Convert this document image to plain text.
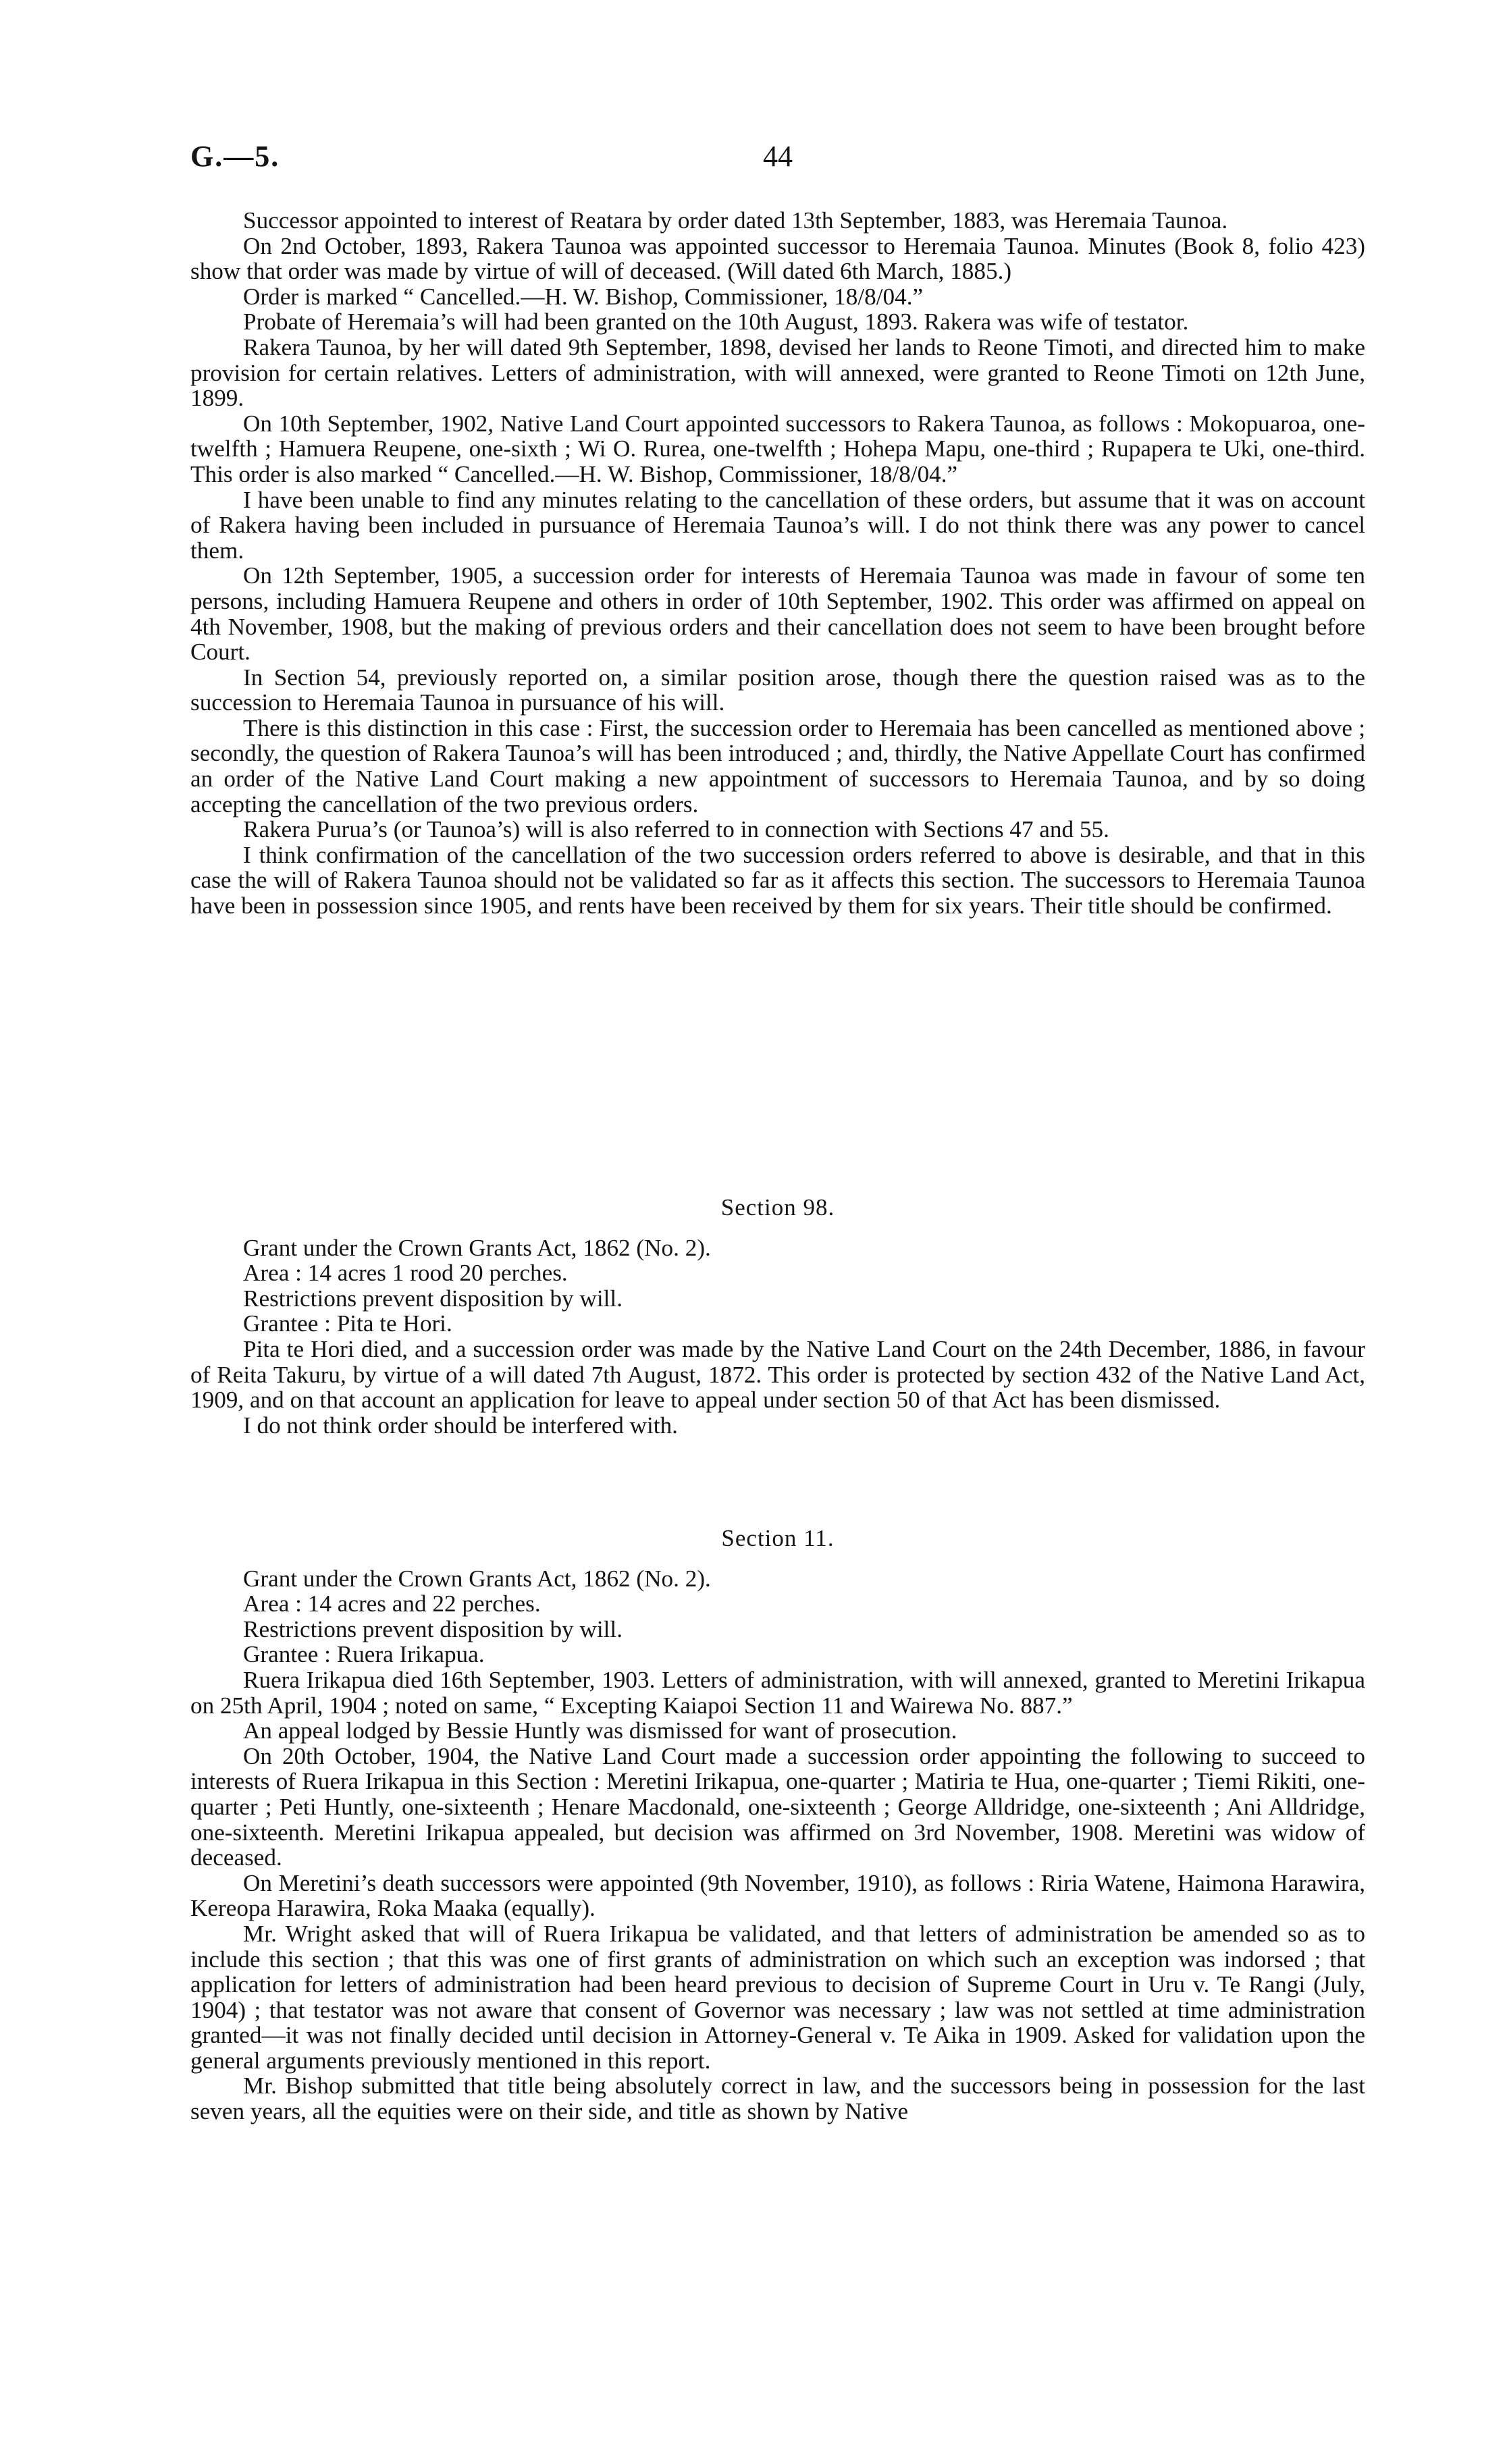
G.—5.	44

Successor appointed to interest of Reatara by order dated 13th September, 1883, was Heremaia Taunoa.

On 2nd October, 1893, Rakera Taunoa was appointed successor to Heremaia Taunoa. Minutes (Book 8, folio 423) show that order was made by virtue of will of deceased. (Will dated 6th March, 1885.)

Order is marked “ Cancelled.—H. W. Bishop, Commissioner, 18/8/04.”

Probate of Heremaia’s will had been granted on the 10th August, 1893. Rakera was wife of testator.

Rakera Taunoa, by her will dated 9th September, 1898, devised her lands to Reone Timoti, and directed him to make provision for certain relatives. Letters of administration, with will annexed, were granted to Reone Timoti on 12th June, 1899.

On 10th September, 1902, Native Land Court appointed successors to Rakera Taunoa, as follows : Mokopuaroa, one-twelfth ; Hamuera Reupene, one-sixth ; Wi O. Rurea, one-twelfth ; Hohepa Mapu, one-third ; Rupapera te Uki, one-third. This order is also marked “ Cancelled.—H. W. Bishop, Commissioner, 18/8/04.”

I have been unable to find any minutes relating to the cancellation of these orders, but assume that it was on account of Rakera having been included in pursuance of Heremaia Taunoa’s will. I do not think there was any power to cancel them.

On 12th September, 1905, a succession order for interests of Heremaia Taunoa was made in favour of some ten persons, including Hamuera Reupene and others in order of 10th September, 1902. This order was affirmed on appeal on 4th November, 1908, but the making of previous orders and their cancellation does not seem to have been brought before Court.

In Section 54, previously reported on, a similar position arose, though there the question raised was as to the succession to Heremaia Taunoa in pursuance of his will.

There is this distinction in this case : First, the succession order to Heremaia has been cancelled as mentioned above ; secondly, the question of Rakera Taunoa’s will has been introduced ; and, thirdly, the Native Appellate Court has confirmed an order of the Native Land Court making a new appointment of successors to Heremaia Taunoa, and by so doing accepting the cancellation of the two previous orders.

Rakera Purua’s (or Taunoa’s) will is also referred to in connection with Sections 47 and 55.

I think confirmation of the cancellation of the two succession orders referred to above is desirable, and that in this case the will of Rakera Taunoa should not be validated so far as it affects this section. The successors to Heremaia Taunoa have been in possession since 1905, and rents have been received by them for six years. Their title should be confirmed.

Section 98.

Grant under the Crown Grants Act, 1862 (No. 2).

Area : 14 acres 1 rood 20 perches.

Restrictions prevent disposition by will.

Grantee : Pita te Hori.

Pita te Hori died, and a succession order was made by the Native Land Court on the 24th December, 1886, in favour of Reita Takuru, by virtue of a will dated 7th August, 1872. This order is protected by section 432 of the Native Land Act, 1909, and on that account an application for leave to appeal under section 50 of that Act has been dismissed.

I do not think order should be interfered with.

Section 11.

Grant under the Crown Grants Act, 1862 (No. 2).

Area : 14 acres and 22 perches.

Restrictions prevent disposition by will.

Grantee : Ruera Irikapua.

Ruera Irikapua died 16th September, 1903. Letters of administration, with will annexed, granted to Meretini Irikapua on 25th April, 1904 ; noted on same, “ Excepting Kaiapoi Section 11 and Wairewa No. 887.”

An appeal lodged by Bessie Huntly was dismissed for want of prosecution.

On 20th October, 1904, the Native Land Court made a succession order appointing the following to succeed to interests of Ruera Irikapua in this Section : Meretini Irikapua, one-quarter ; Matiria te Hua, one-quarter ; Tiemi Rikiti, one-quarter ; Peti Huntly, one-sixteenth ; Henare Macdonald, one-sixteenth ; George Alldridge, one-sixteenth ; Ani Alldridge, one-sixteenth. Meretini Irikapua appealed, but decision was affirmed on 3rd November, 1908. Meretini was widow of deceased.

On Meretini’s death successors were appointed (9th November, 1910), as follows : Riria Watene, Haimona Harawira, Kereopa Harawira, Roka Maaka (equally).

Mr. Wright asked that will of Ruera Irikapua be validated, and that letters of administration be amended so as to include this section ; that this was one of first grants of administration on which such an exception was indorsed ; that application for letters of administration had been heard previous to decision of Supreme Court in Uru v. Te Rangi (July, 1904) ; that testator was not aware that consent of Governor was necessary ; law was not settled at time administration granted—it was not finally decided until decision in Attorney-General v. Te Aika in 1909. Asked for validation upon the general arguments previously mentioned in this report.

Mr. Bishop submitted that title being absolutely correct in law, and the successors being in possession for the last seven years, all the equities were on their side, and title as shown by Native
